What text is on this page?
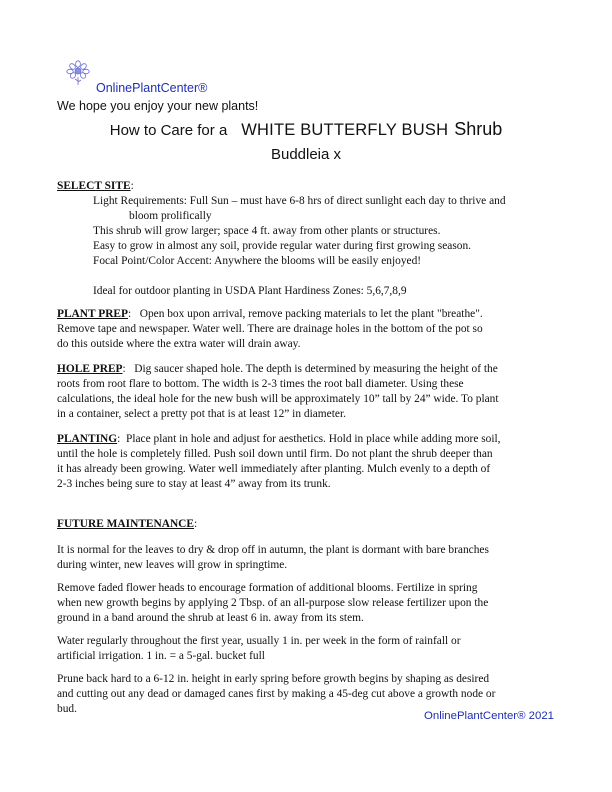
OnlinePlantCenter®
We hope you enjoy your new plants!
How to Care for a WHITE BUTTERFLY BUSH Shrub
Buddleia x
SELECT SITE:
Light Requirements: Full Sun – must have 6-8 hrs of direct sunlight each day to thrive and
bloom prolifically
This shrub will grow larger; space 4 ft. away from other plants or structures.
Easy to grow in almost any soil, provide regular water during first growing season.
Focal Point/Color Accent: Anywhere the blooms will be easily enjoyed!
Ideal for outdoor planting in USDA Plant Hardiness Zones: 5,6,7,8,9
PLANT PREP:   Open box upon arrival, remove packing materials to let the plant "breathe".
Remove tape and newspaper. Water well. There are drainage holes in the bottom of the pot so
do this outside where the extra water will drain away.
HOLE PREP:   Dig saucer shaped hole. The depth is determined by measuring the height of the
roots from root flare to bottom. The width is 2-3 times the root ball diameter. Using these
calculations, the ideal hole for the new bush will be approximately 10” tall by 24” wide. To plant
in a container, select a pretty pot that is at least 12” in diameter.
PLANTING:  Place plant in hole and adjust for aesthetics. Hold in place while adding more soil,
until the hole is completely filled. Push soil down until firm. Do not plant the shrub deeper than
it has already been growing. Water well immediately after planting. Mulch evenly to a depth of
2-3 inches being sure to stay at least 4” away from its trunk.
FUTURE MAINTENANCE:
It is normal for the leaves to dry & drop off in autumn, the plant is dormant with bare branches
during winter, new leaves will grow in springtime.
Remove faded flower heads to encourage formation of additional blooms. Fertilize in spring
when new growth begins by applying 2 Tbsp. of an all-purpose slow release fertilizer upon the
ground in a band around the shrub at least 6 in. away from its stem.
Water regularly throughout the first year, usually 1 in. per week in the form of rainfall or
artificial irrigation. 1 in. = a 5-gal. bucket full
Prune back hard to a 6-12 in. height in early spring before growth begins by shaping as desired
and cutting out any dead or damaged canes first by making a 45-deg cut above a growth node or
bud.
OnlinePlantCenter® 2021
